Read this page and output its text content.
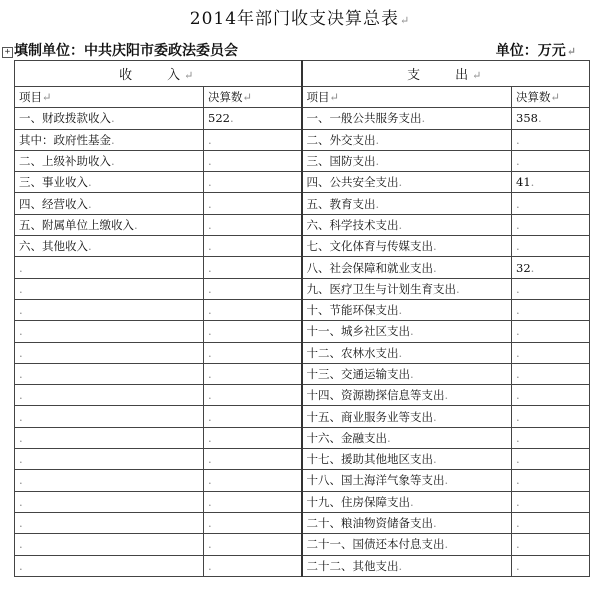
2014年部门收支决算总表↵
+ 填制单位：中共庆阳市委政法委员会	单位：万元↵
收　　入↵		支　　出↵	
项目↵	决算数↵	项目↵	决算数↵
一、财政拨款收入.	522.	一、一般公共服务支出.	358.
其中：政府性基金.	.	二、外交支出.	.
二、上级补助收入.	.	三、国防支出.	.
三、事业收入.	.	四、公共安全支出.	41.
四、经营收入.	.	五、教育支出.	.
五、附属单位上缴收入.	.	六、科学技术支出.	.
六、其他收入.	.	七、文化体育与传媒支出.	.
.	.	八、社会保障和就业支出.	32.
.	.	九、医疗卫生与计划生育支出.	.
.	.	十、节能环保支出.	.
.	.	十一、城乡社区支出.	.
.	.	十二、农林水支出.	.
.	.	十三、交通运输支出.	.
.	.	十四、资源勘探信息等支出.	.
.	.	十五、商业服务业等支出.	.
.	.	十六、金融支出.	.
.	.	十七、援助其他地区支出.	.
.	.	十八、国土海洋气象等支出.	.
.	.	十九、住房保障支出.	.
.	.	二十、粮油物资储备支出.	.
.	.	二十一、国债还本付息支出.	.
.	.	二十二、其他支出.	.
